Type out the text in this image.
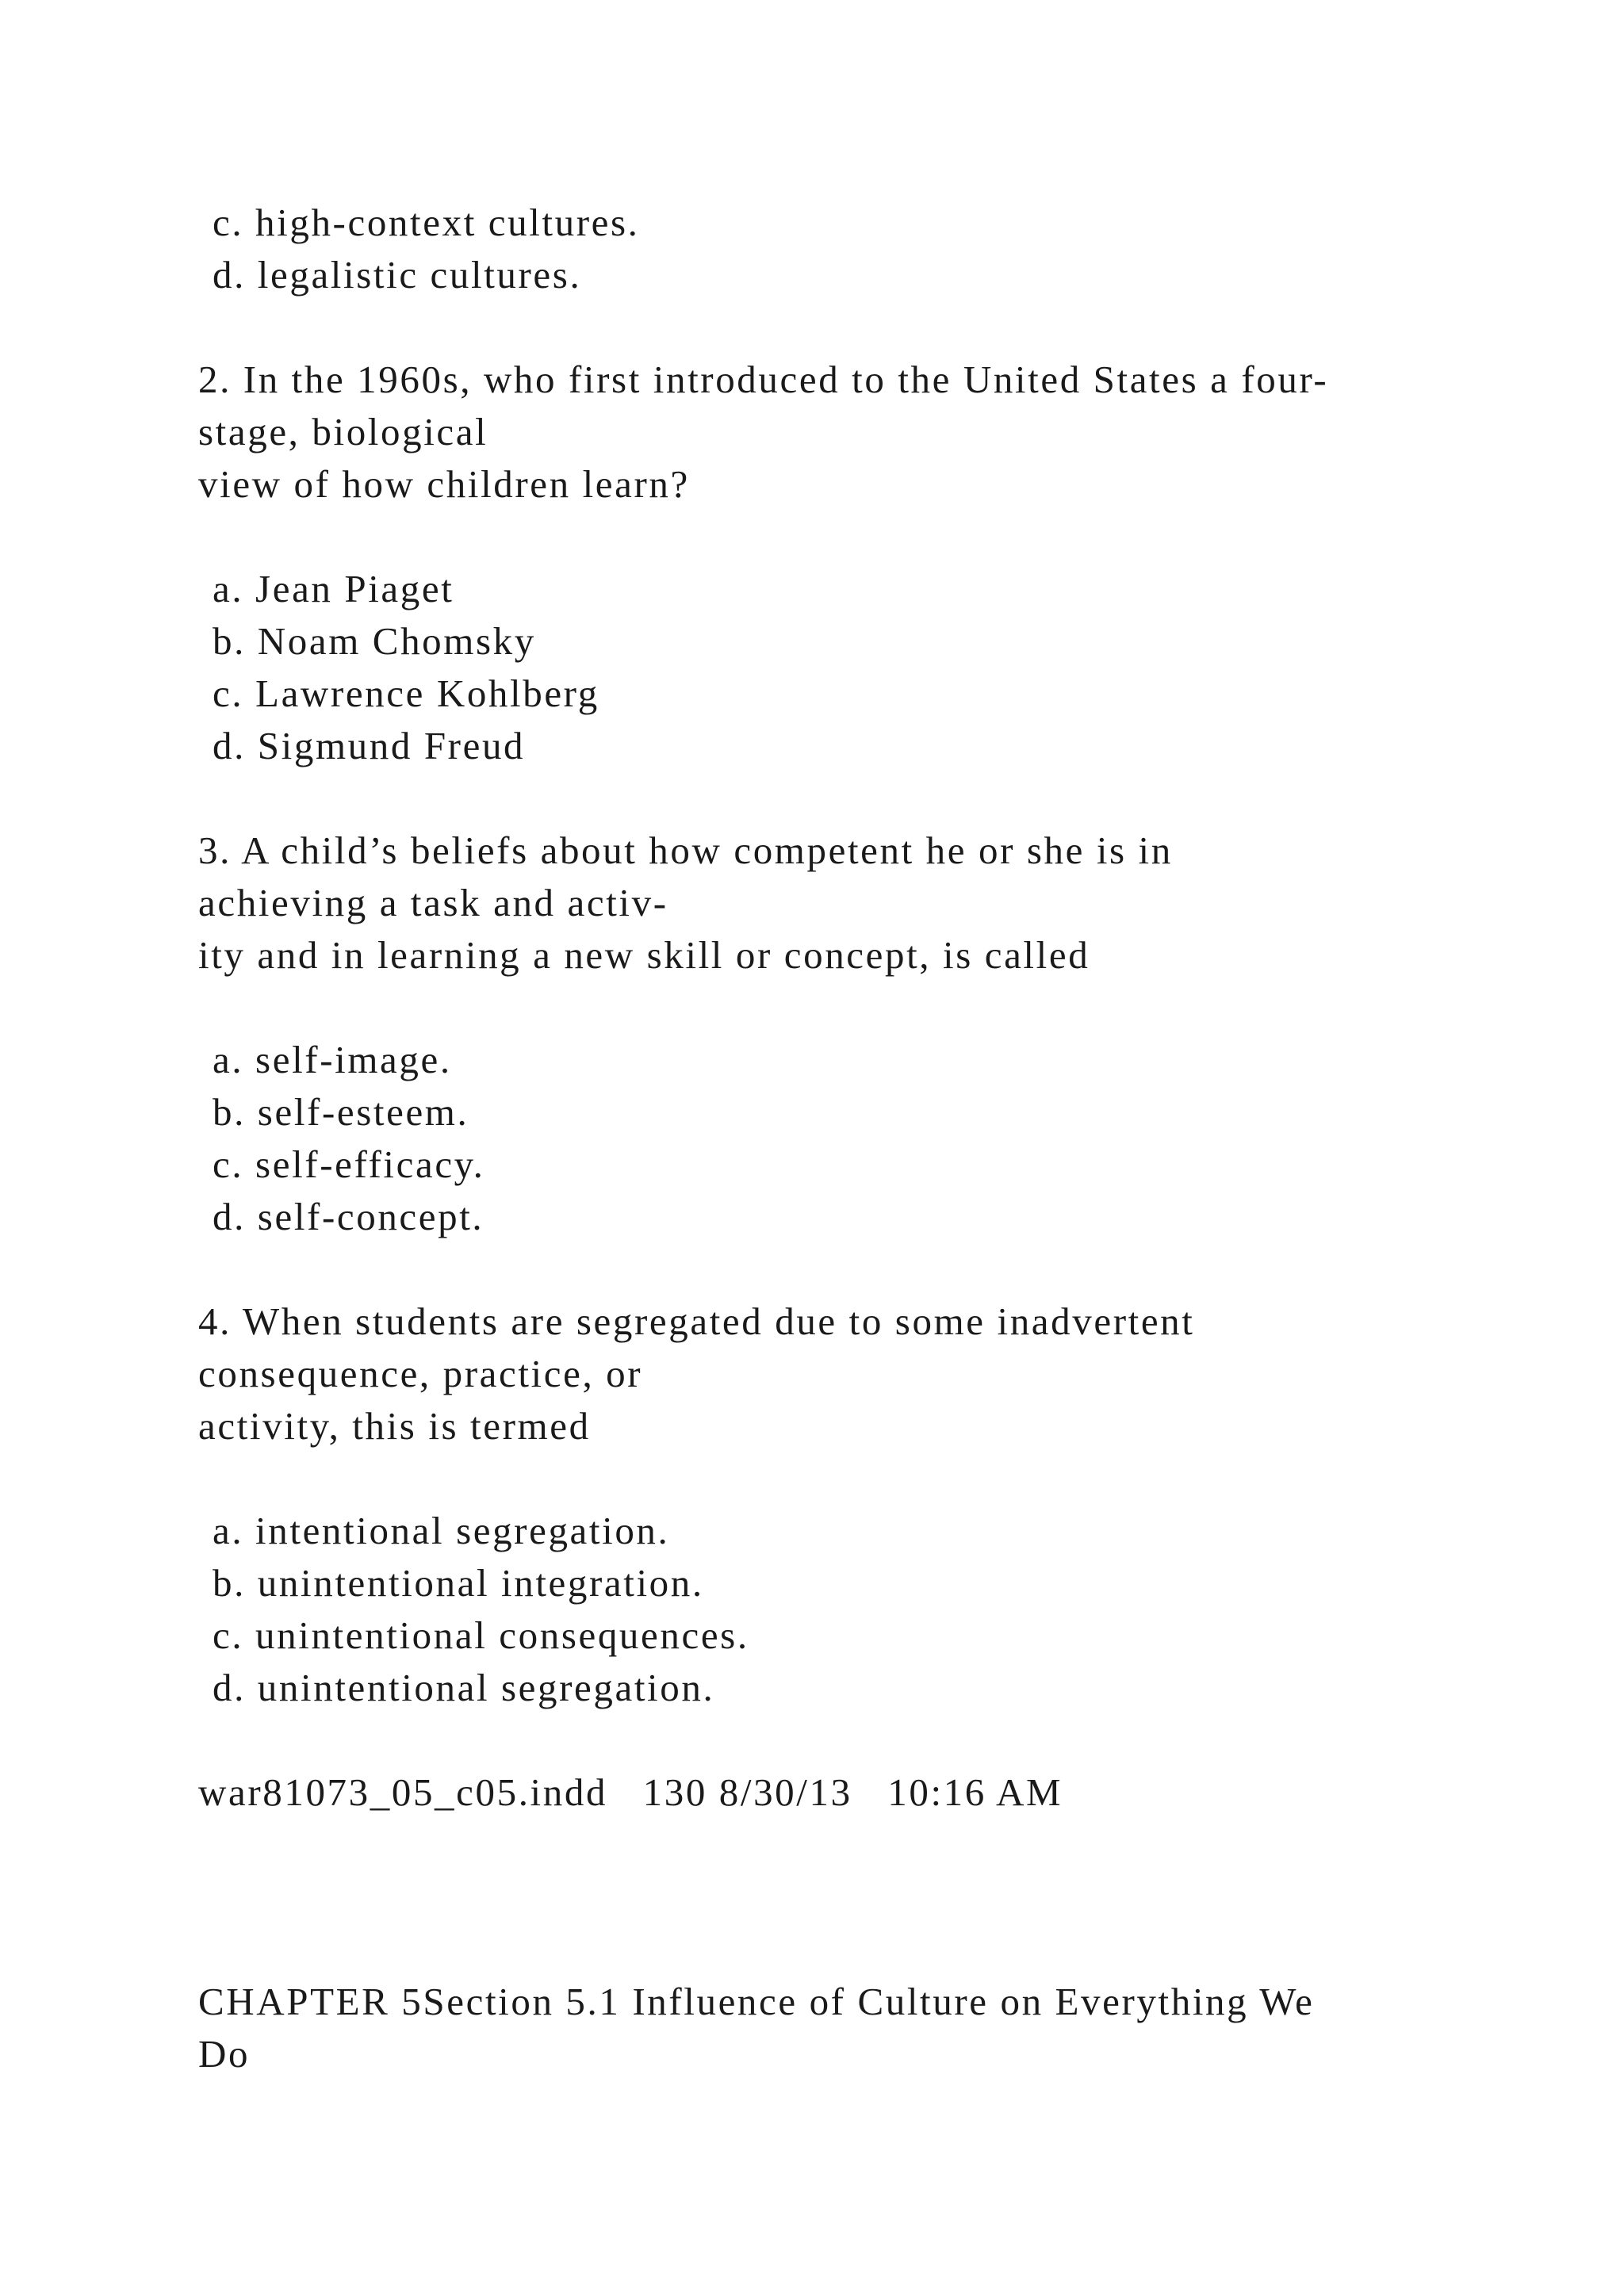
c. high-context cultures.

d. legalistic cultures.

2. In the 1960s, who first introduced to the United States a four-

stage, biological

view of how children learn?

a. Jean Piaget

b. Noam Chomsky

c. Lawrence Kohlberg

d. Sigmund Freud

3. A child’s beliefs about how competent he or she is in

achieving a task and activ-

ity and in learning a new skill or concept, is called

a. self-image.

b. self-esteem.

c. self-efficacy.

d. self-concept.

4. When students are segregated due to some inadvertent

consequence, practice, or

activity, this is termed

a. intentional segregation.

b. unintentional integration.

c. unintentional consequences.

d. unintentional segregation.

war81073_05_c05.indd   130 8/30/13   10:16 AM

CHAPTER 5Section 5.1 Influence of Culture on Everything We

Do
